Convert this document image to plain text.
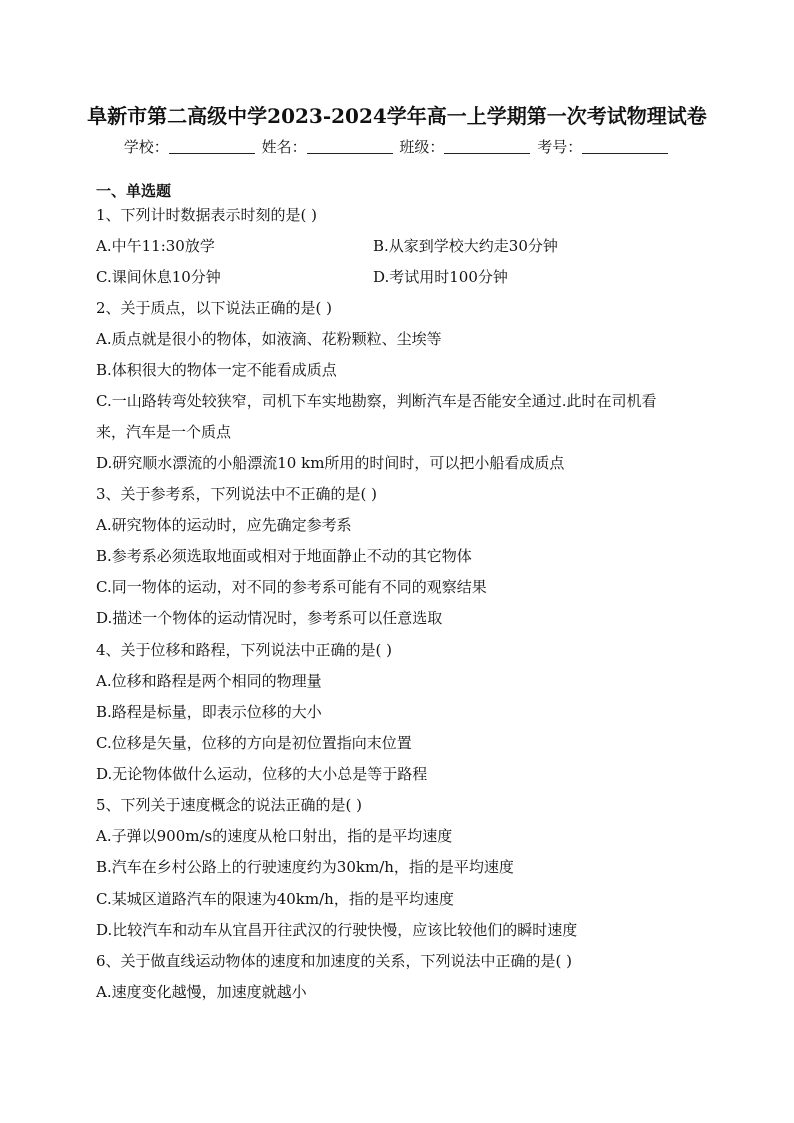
阜新市第二高级中学2023-2024学年高一上学期第一次考试物理试卷
学校：	姓名：	班级：	考号：
一、单选题
1、下列计时数据表示时刻的是( )
A.中午11:30放学	B.从家到学校大约走30分钟
C.课间休息10分钟	D.考试用时100分钟
2、关于质点，以下说法正确的是( )
A.质点就是很小的物体，如液滴、花粉颗粒、尘埃等
B.体积很大的物体一定不能看成质点
C.一山路转弯处较狭窄，司机下车实地勘察，判断汽车是否能安全通过.此时在司机看
来，汽车是一个质点
D.研究顺水漂流的小船漂流10 km所用的时间时，可以把小船看成质点
3、关于参考系，下列说法中不正确的是( )
A.研究物体的运动时，应先确定参考系
B.参考系必须选取地面或相对于地面静止不动的其它物体
C.同一物体的运动，对不同的参考系可能有不同的观察结果
D.描述一个物体的运动情况时，参考系可以任意选取
4、关于位移和路程，下列说法中正确的是( )
A.位移和路程是两个相同的物理量
B.路程是标量，即表示位移的大小
C.位移是矢量，位移的方向是初位置指向末位置
D.无论物体做什么运动，位移的大小总是等于路程
5、下列关于速度概念的说法正确的是( )
A.子弹以900m/s的速度从枪口射出，指的是平均速度
B.汽车在乡村公路上的行驶速度约为30km/h，指的是平均速度
C.某城区道路汽车的限速为40km/h，指的是平均速度
D.比较汽车和动车从宜昌开往武汉的行驶快慢，应该比较他们的瞬时速度
6、关于做直线运动物体的速度和加速度的关系，下列说法中正确的是( )
A.速度变化越慢，加速度就越小
